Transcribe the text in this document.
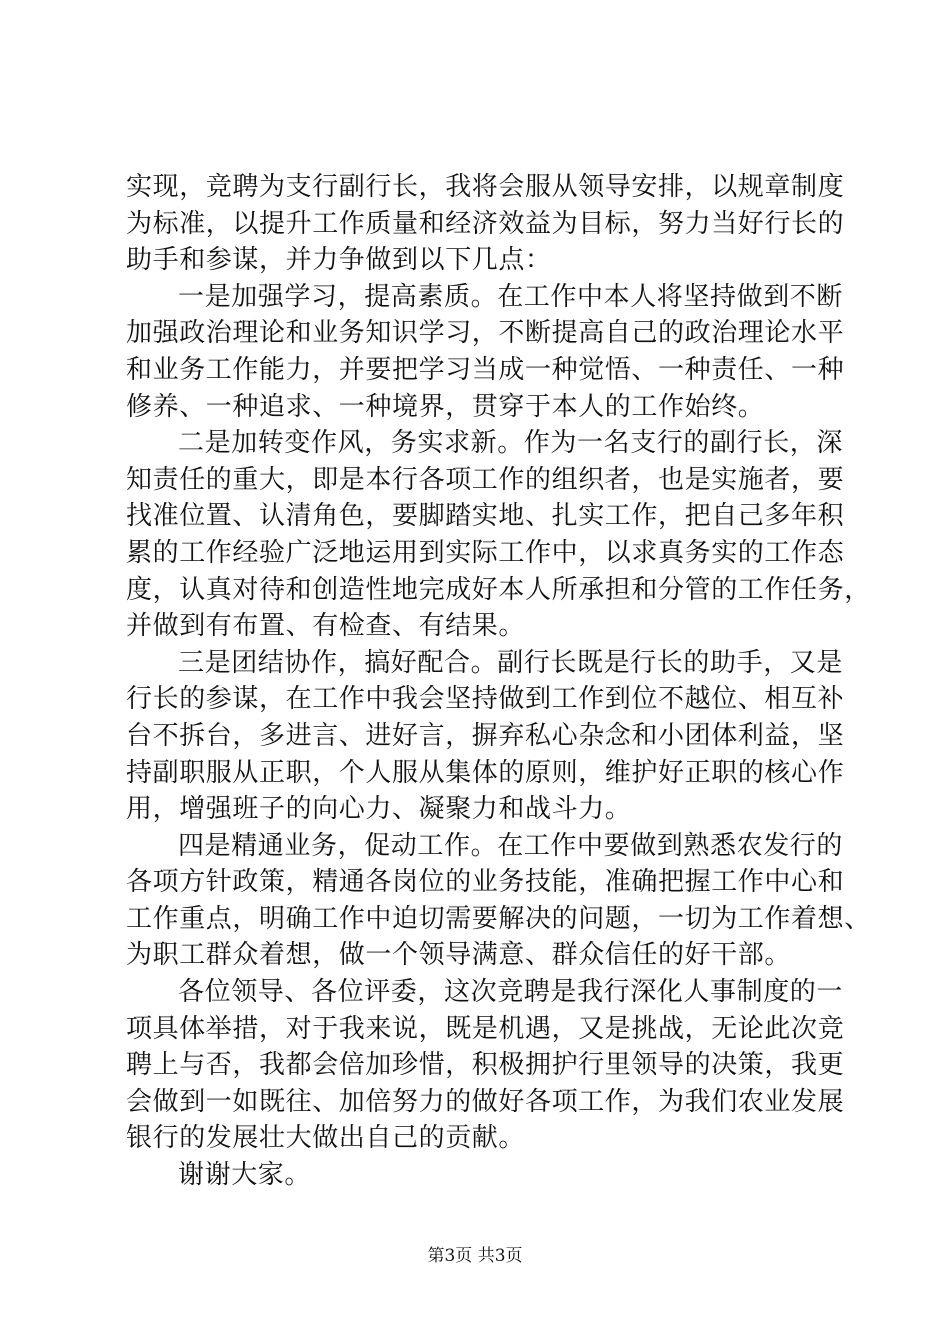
实现，竞聘为支行副行长，我将会服从领导安排，以规章制度
为标准，以提升工作质量和经济效益为目标，努力当好行长的
助手和参谋，并力争做到以下几点：
一是加强学习，提高素质。在工作中本人将坚持做到不断
加强政治理论和业务知识学习，不断提高自己的政治理论水平
和业务工作能力，并要把学习当成一种觉悟、一种责任、一种
修养、一种追求、一种境界，贯穿于本人的工作始终。
二是加转变作风，务实求新。作为一名支行的副行长，深
知责任的重大，即是本行各项工作的组织者，也是实施者，要
找准位置、认清角色，要脚踏实地、扎实工作，把自己多年积
累的工作经验广泛地运用到实际工作中，以求真务实的工作态
度，认真对待和创造性地完成好本人所承担和分管的工作任务，
并做到有布置、有检查、有结果。
三是团结协作，搞好配合。副行长既是行长的助手，又是
行长的参谋，在工作中我会坚持做到工作到位不越位、相互补
台不拆台，多进言、进好言，摒弃私心杂念和小团体利益，坚
持副职服从正职，个人服从集体的原则，维护好正职的核心作
用，增强班子的向心力、凝聚力和战斗力。
四是精通业务，促动工作。在工作中要做到熟悉农发行的
各项方针政策，精通各岗位的业务技能，准确把握工作中心和
工作重点，明确工作中迫切需要解决的问题，一切为工作着想、
为职工群众着想，做一个领导满意、群众信任的好干部。
各位领导、各位评委，这次竞聘是我行深化人事制度的一
项具体举措，对于我来说，既是机遇，又是挑战，无论此次竞
聘上与否，我都会倍加珍惜，积极拥护行里领导的决策，我更
会做到一如既往、加倍努力的做好各项工作，为我们农业发展
银行的发展壮大做出自己的贡献。
谢谢大家。
第3页 共3页
